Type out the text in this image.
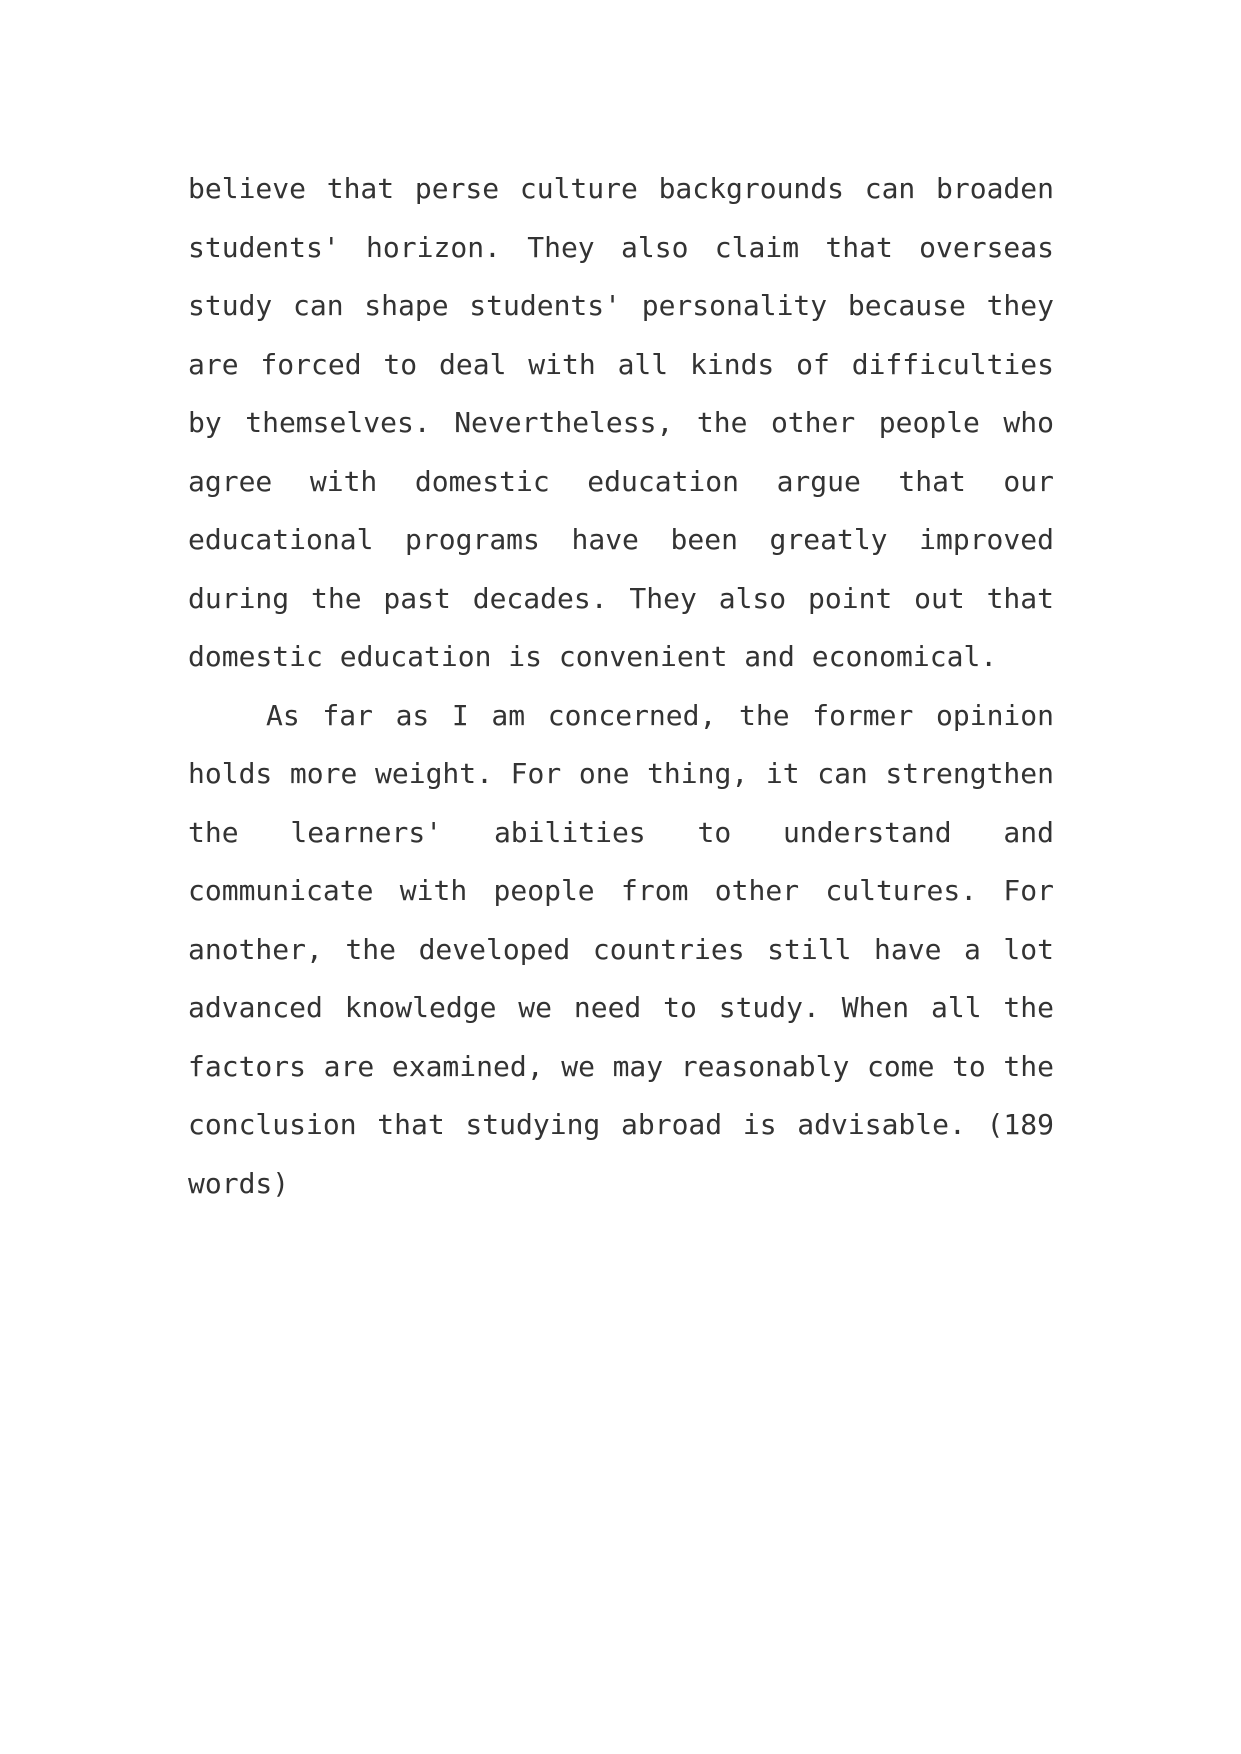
believe that perse culture backgrounds can broaden
students' horizon. They also claim that overseas
study can shape students' personality because they
are forced to deal with all kinds of difficulties
by themselves. Nevertheless, the other people who
agree with domestic education argue that our
educational programs have been greatly improved
during the past decades. They also point out that
domestic education is convenient and economical.
As far as I am concerned, the former opinion
holds more weight. For one thing, it can strengthen
the learners' abilities to understand and
communicate with people from other cultures. For
another, the developed countries still have a lot
advanced knowledge we need to study. When all the
factors are examined, we may reasonably come to the
conclusion that studying abroad is advisable. (189
words)
